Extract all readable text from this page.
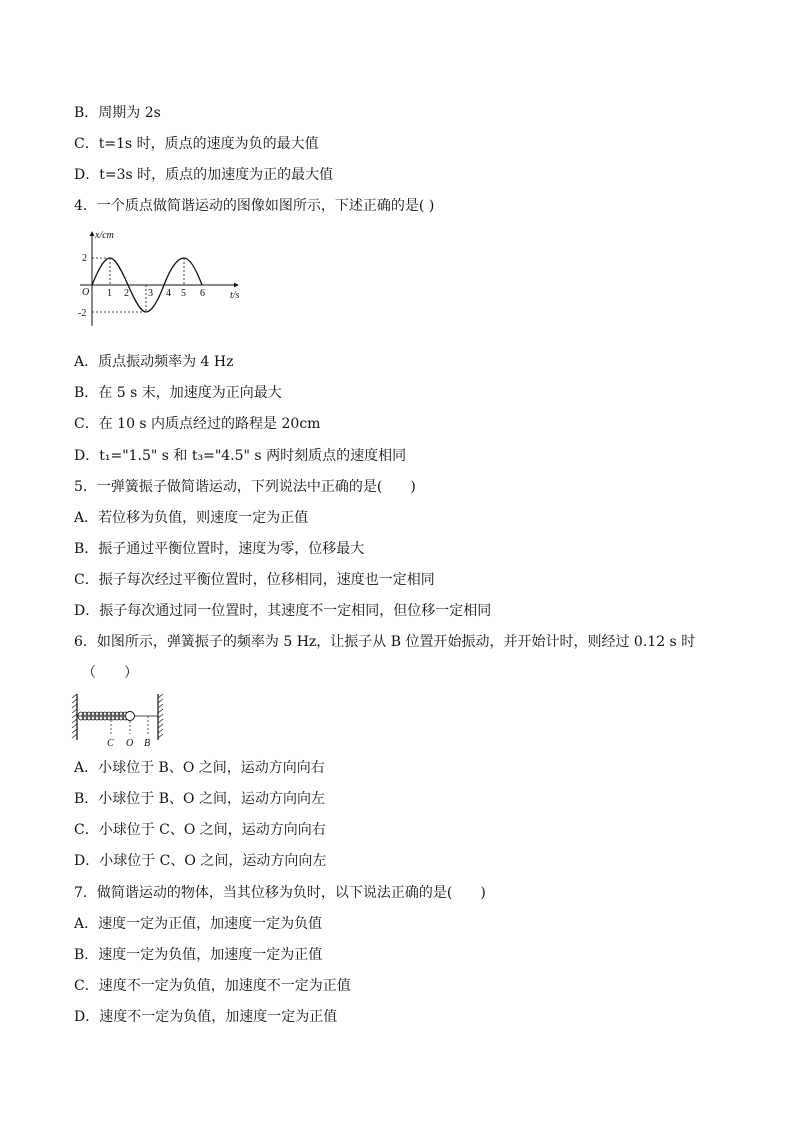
B．周期为 2s
C．t=1s 时，质点的速度为负的最大值
D．t=3s 时，质点的加速度为正的最大值
4．一个质点做简谐运动的图像如图所示，下述正确的是( )
A．质点振动频率为 4 Hz
B．在 5 s 末，加速度为正向最大
C．在 10 s 内质点经过的路程是 20cm
D．t₁="1.5" s 和 t₃="4.5" s 两时刻质点的速度相同
5．一弹簧振子做简谐运动，下列说法中正确的是(　　)
A．若位移为负值，则速度一定为正值
B．振子通过平衡位置时，速度为零，位移最大
C．振子每次经过平衡位置时，位移相同，速度也一定相同
D．振子每次通过同一位置时，其速度不一定相同，但位移一定相同
6．如图所示，弹簧振子的频率为 5 Hz，让振子从 B 位置开始振动，并开始计时，则经过 0.12 s 时
（　　）
A．小球位于 B、O 之间，运动方向向右
B．小球位于 B、O 之间，运动方向向左
C．小球位于 C、O 之间，运动方向向右
D．小球位于 C、O 之间，运动方向向左
7．做简谐运动的物体，当其位移为负时，以下说法正确的是(　　)
A．速度一定为正值，加速度一定为负值
B．速度一定为负值，加速度一定为正值
C．速度不一定为负值，加速度不一定为正值
D．速度不一定为负值，加速度一定为正值
x/cm
t/s
O
2
-2
1 2 3 4 5 6
C O B
